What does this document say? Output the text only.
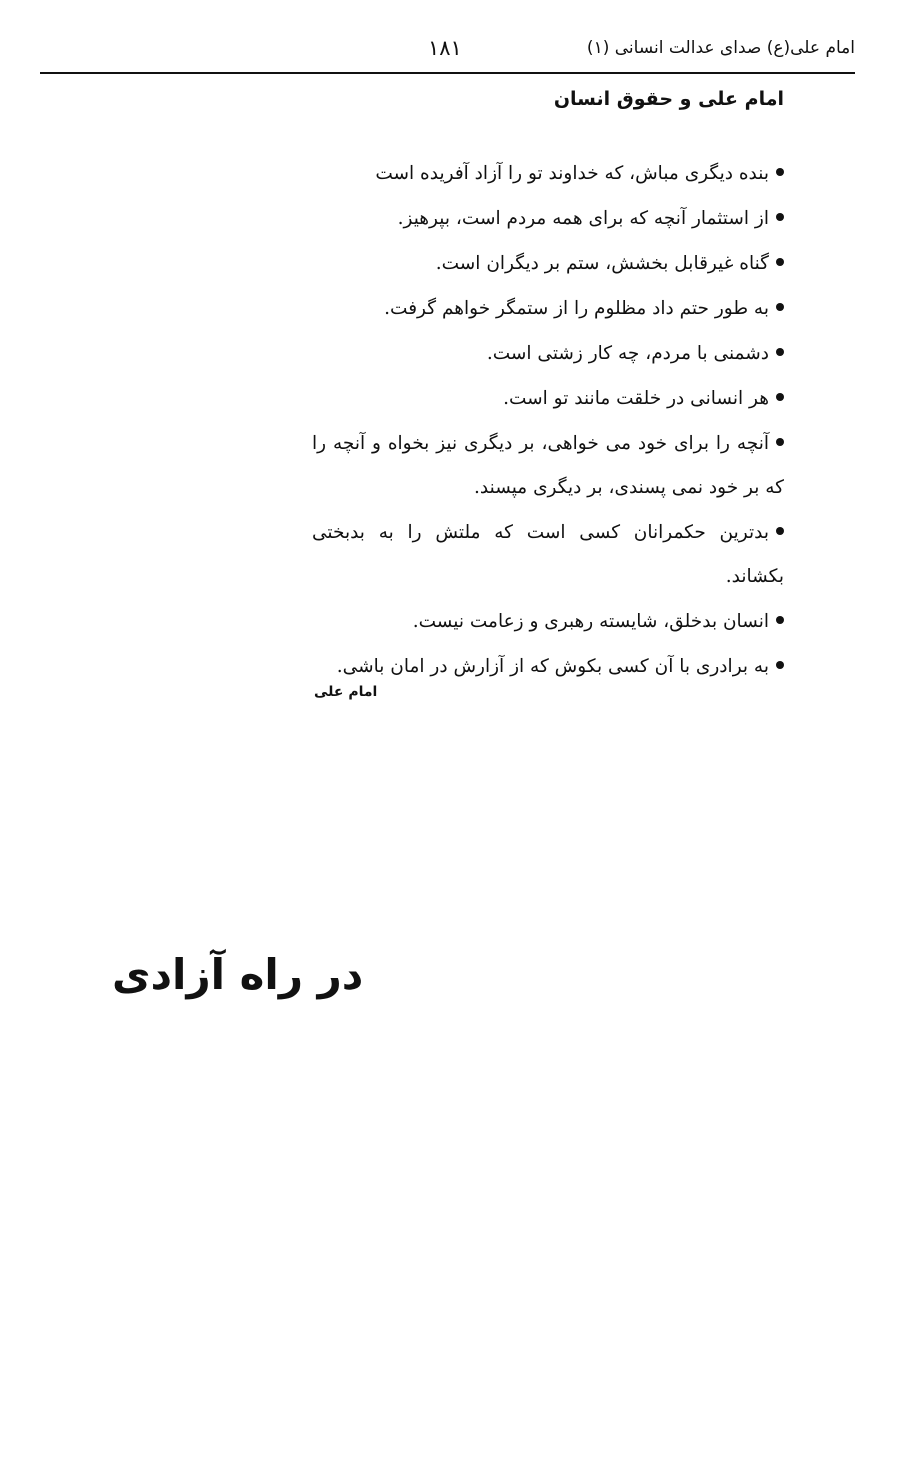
امام علی(ع) صدای عدالت انسانی (۱)
۱۸۱
امام علی و حقوق انسان
بنده دیگری مباش، که خداوند تو را آزاد آفریده است
از استثمار آنچه که برای همه مردم است، بپرهیز.
گناه غیرقابل بخشش، ستم بر دیگران است.
به طور حتم داد مظلوم را از ستمگر خواهم گرفت.
دشمنی با مردم، چه کار زشتی است.
هر انسانی در خلقت مانند تو است.
آنچه را برای خود می خواهی، بر دیگری نیز بخواه و آنچه را که بر خود نمی پسندی، بر دیگری مپسند.
بدترین حکمرانان کسی است که ملتش را به بدبختی بکشاند.
انسان بدخلق، شایسته رهبری و زعامت نیست.
به برادری با آن کسی بکوش که از آزارش در امان باشی.
امام علی
در راه آزادی
